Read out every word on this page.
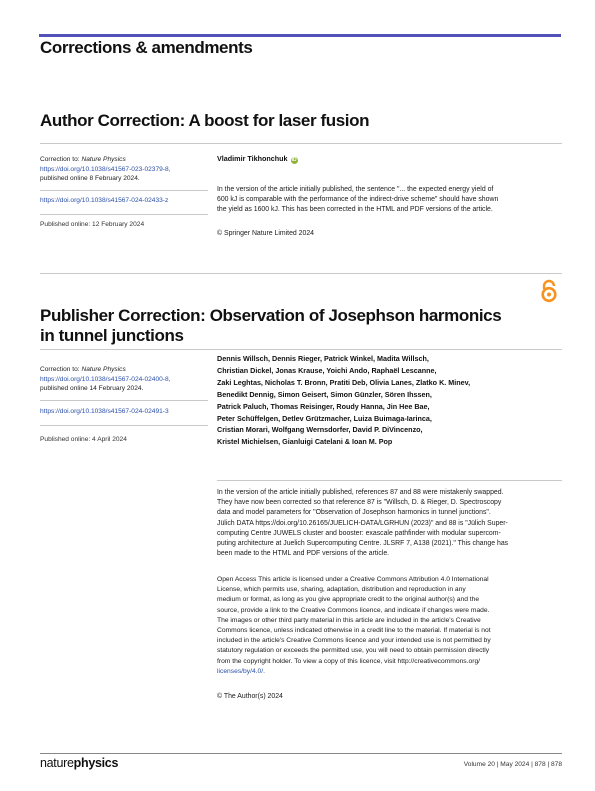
Corrections & amendments
Author Correction: A boost for laser fusion
Correction to: Nature Physics
https://doi.org/10.1038/s41567-023-02379-8,
published online 8 February 2024.
https://doi.org/10.1038/s41567-024-02433-z
Published online: 12 February 2024
Vladimir Tikhonchuk iD

In the version of the article initially published, the sentence "... the expected energy yield of

600 kJ is comparable with the performance of the indirect-drive scheme" should have shown

the yield as 1600 kJ. This has been corrected in the HTML and PDF versions of the article.

© Springer Nature Limited 2024
Publisher Correction: Observation of Josephson harmonics
in tunnel junctions
Correction to: Nature Physics
https://doi.org/10.1038/s41567-024-02400-8,
published online 14 February 2024.
https://doi.org/10.1038/s41567-024-02491-3
Published online: 4 April 2024
Dennis Willsch, Dennis Rieger, Patrick Winkel, Madita Willsch,
Christian Dickel, Jonas Krause, Yoichi Ando, Raphaël Lescanne,
Zaki Leghtas, Nicholas T. Bronn, Pratiti Deb, Olivia Lanes, Zlatko K. Minev,
Benedikt Dennig, Simon Geisert, Simon Günzler, Sören Ihssen,
Patrick Paluch, Thomas Reisinger, Roudy Hanna, Jin Hee Bae,
Peter Schüffelgen, Detlev Grützmacher, Luiza Buimaga-Iarinca,
Cristian Morari, Wolfgang Wernsdorfer, David P. DiVincenzo,
Kristel Michielsen, Gianluigi Catelani & Ioan M. Pop

In the version of the article initially published, references 87 and 88 were mistakenly swapped.

They have now been corrected so that reference 87 is "Willsch, D. & Rieger, D. Spectroscopy

data and model parameters for "Observation of Josephson harmonics in tunnel junctions".

Jülich DATA https://doi.org/10.26165/JUELICH-DATA/LGRHUN (2023)" and 88 is "Jülich Super-

computing Centre JUWELS cluster and booster: exascale pathfinder with modular supercom-

puting architecture at Juelich Supercomputing Centre. JLSRF 7, A138 (2021)." This change has

been made to the HTML and PDF versions of the article.

Open Access This article is licensed under a Creative Commons Attribution 4.0 International

License, which permits use, sharing, adaptation, distribution and reproduction in any

medium or format, as long as you give appropriate credit to the original author(s) and the

source, provide a link to the Creative Commons licence, and indicate if changes were made.

The images or other third party material in this article are included in the article's Creative

Commons licence, unless indicated otherwise in a credit line to the material. If material is not

included in the article's Creative Commons licence and your intended use is not permitted by

statutory regulation or exceeds the permitted use, you will need to obtain permission directly

from the copyright holder. To view a copy of this licence, visit http://creativecommons.org/

licenses/by/4.0/.

© The Author(s) 2024
naturephysics	Volume 20 | May 2024 | 878 | 878
